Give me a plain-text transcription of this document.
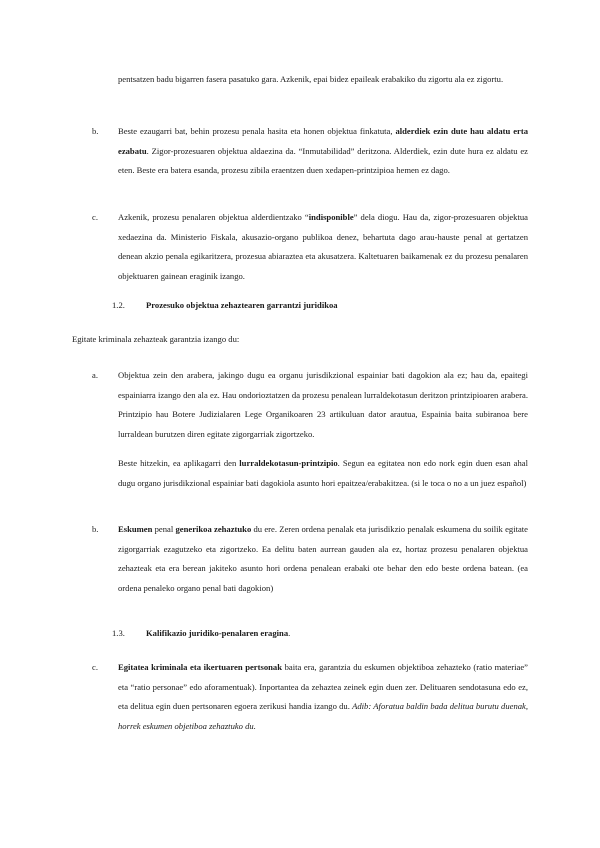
pentsatzen badu bigarren fasera pasatuko gara. Azkenik, epai bidez epaileak erabakiko du zigortu ala ez zigortu.
b. Beste ezaugarri bat, behin prozesu penala hasita eta honen objektua finkatuta, alderdiek ezin dute hau aldatu erta ezabatu. Zigor-prozesuaren objektua aldaezina da. “Inmutabilidad” deritzona. Alderdiek, ezin dute hura ez aldatu ez eten. Beste era batera esanda, prozesu zibila eraentzen duen xedapen-printzipioa hemen ez dago.
c. Azkenik, prozesu penalaren objektua alderdientzako “indisponible” dela diogu. Hau da, zigor-prozesuaren objektua xedaezina da. Ministerio Fiskala, akusazio-organo publikoa denez, behartuta dago arau-hauste penal at gertatzen denean akzio penala egikaritzera, prozesua abiaraztea eta akusatzera. Kaltetuaren baikamenak ez du prozesu penalaren objektuaren gainean eraginik izango.
1.2. Prozesuko objektua zehaztearen garrantzi juridikoa
Egitate kriminala zehazteak garantzia izango du:
a. Objektua zein den arabera, jakingo dugu ea organu jurisdikzional espainiar bati dagokion ala ez; hau da, epaitegi espainiarra izango den ala ez. Hau ondorioztatzen da prozesu penalean lurraldekotasun deritzon printzipioaren arabera. Printzipio hau Botere Judizialaren Lege Organikoaren 23 artikuluan dator arautua, Espainia baita subiranoa bere lurraldean burutzen diren egitate zigorgarriak zigortzeko.
Beste hitzekin, ea aplikagarri den lurraldekotasun-printzipio. Segun ea egitatea non edo nork egin duen esan ahal dugu organo jurisdikzional espainiar bati dagokiola asunto hori epaitzea/erabakitzea. (si le toca o no a un juez español)
b. Eskumen penal generikoa zehaztuko du ere. Zeren ordena penalak eta jurisdikzio penalak eskumena du soilik egitate zigorgarriak ezagutzeko eta zigortzeko. Ea delitu baten aurrean gauden ala ez, hortaz prozesu penalaren objektua zehazteak eta era berean jakiteko asunto hori ordena penalean erabaki ote behar den edo beste ordena batean. (ea ordena penaleko organo penal bati dagokion)
1.3. Kalifikazio juridiko-penalaren eragina.
c. Egitatea kriminala eta ikertuaren pertsonak baita era, garantzia du eskumen objektiboa zehazteko (ratio materiae” eta “ratio personae” edo aforamentuak). Inportantea da zehaztea zeinek egin duen zer. Delituaren sendotasuna edo ez, eta delitua egin duen pertsonaren egoera zerikusi handia izango du. Adib: Aforatua baldin bada delitua burutu duenak, horrek eskumen objetiboa zehaztuko du.
